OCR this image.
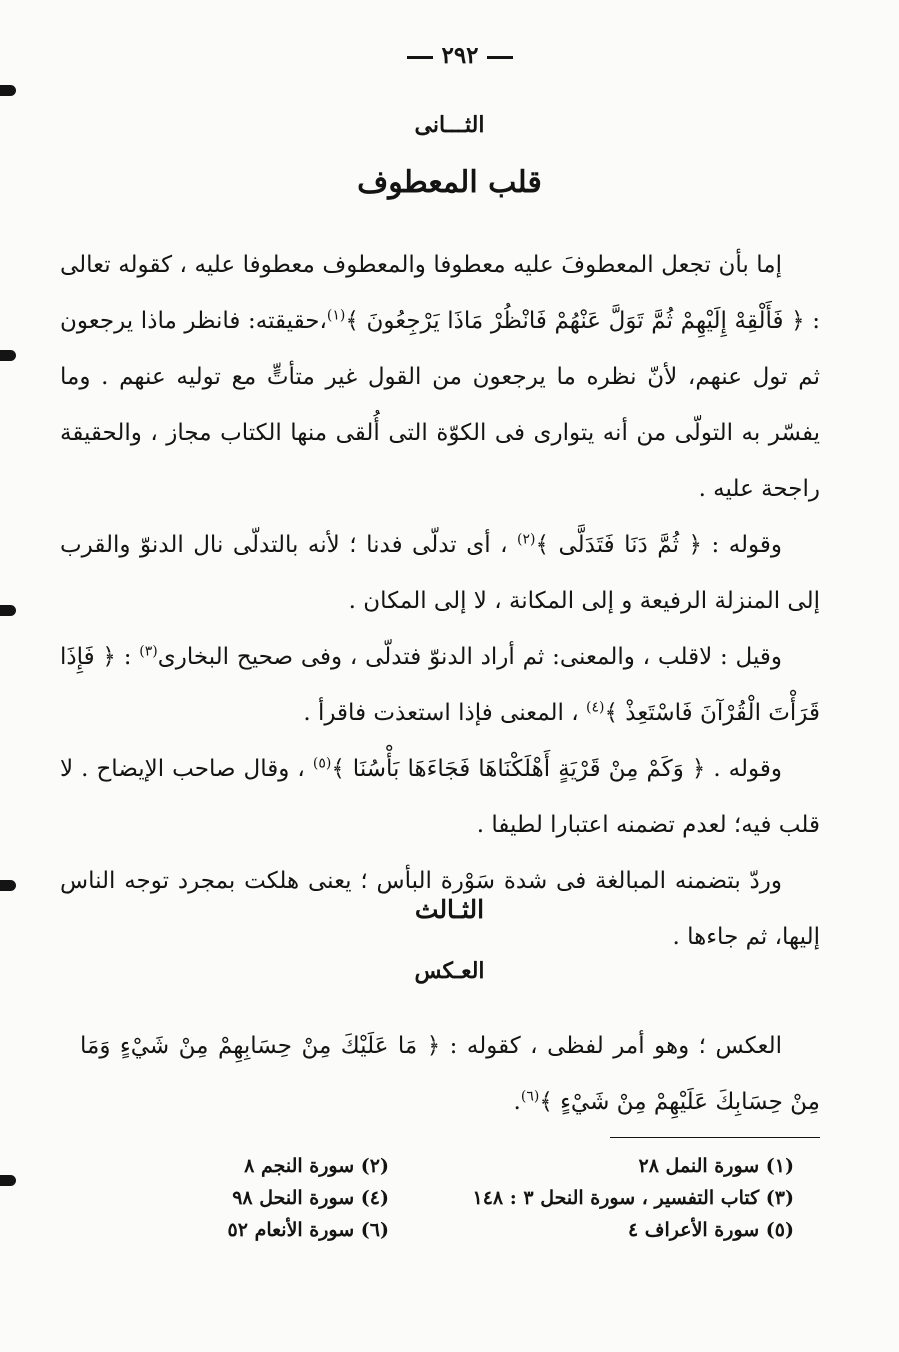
٢٩٢
الثـــانى
قلب المعطوف

إما بأن تجعل المعطوفَ عليه معطوفا والمعطوف معطوفا عليه ، كقوله تعالى : ﴿ فَأَلْقِهْ إِلَيْهِمْ ثُمَّ تَوَلَّ عَنْهُمْ فَانْظُرْ مَاذَا يَرْجِعُونَ ﴾$^{(١)}$،حقيقته: فانظر ماذا يرجعون ثم تول عنهم، لأنّ نظره ما يرجعون من القول غير متأتٍّ مع توليه عنهم . وما يفسّر به التولّى من أنه يتوارى فى الكوّة التى أُلقى منها الكتاب مجاز ، والحقيقة راجحة عليه .

وقوله : ﴿ ثُمَّ دَنَا فَتَدَلَّى ﴾$^{(٢)}$ ، أى تدلّى فدنا ؛ لأنه بالتدلّى نال الدنوّ والقرب إلى المنزلة الرفيعة و إلى المكانة ، لا إلى المكان .

وقيل : لاقلب ، والمعنى: ثم أراد الدنوّ فتدلّى ، وفى صحيح البخارى$^{(٣)}$ : ﴿ فَإِذَا قَرَأْتَ الْقُرْآنَ فَاسْتَعِذْ ﴾$^{(٤)}$ ، المعنى فإذا استعذت فاقرأ .

وقوله . ﴿ وَكَمْ مِنْ قَرْيَةٍ أَهْلَكْنَاهَا فَجَاءَهَا بَأْسُنَا ﴾$^{(٥)}$ ، وقال صاحب الإيضاح . لا قلب فيه؛ لعدم تضمنه اعتبارا لطيفا .

وردّ بتضمنه المبالغة فى شدة سَوْرة البأس ؛ يعنى هلكت بمجرد توجه الناس إليها، ثم جاءها .

الثـالث
العـكس

العكس ؛ وهو أمر لفظى ، كقوله : ﴿ مَا عَلَيْكَ مِنْ حِسَابِهِمْ مِنْ شَيْءٍ وَمَا مِنْ حِسَابِكَ عَلَيْهِمْ مِنْ شَيْءٍ ﴾$^{(٦)}$.

(١) سورة النمل ٢٨
(٣) كتاب التفسير ، سورة النحل ٣ : ١٤٨
(٥) سورة الأعراف ٤
(٢) سورة النجم ٨
(٤) سورة النحل ٩٨
(٦) سورة الأنعام ٥٢
